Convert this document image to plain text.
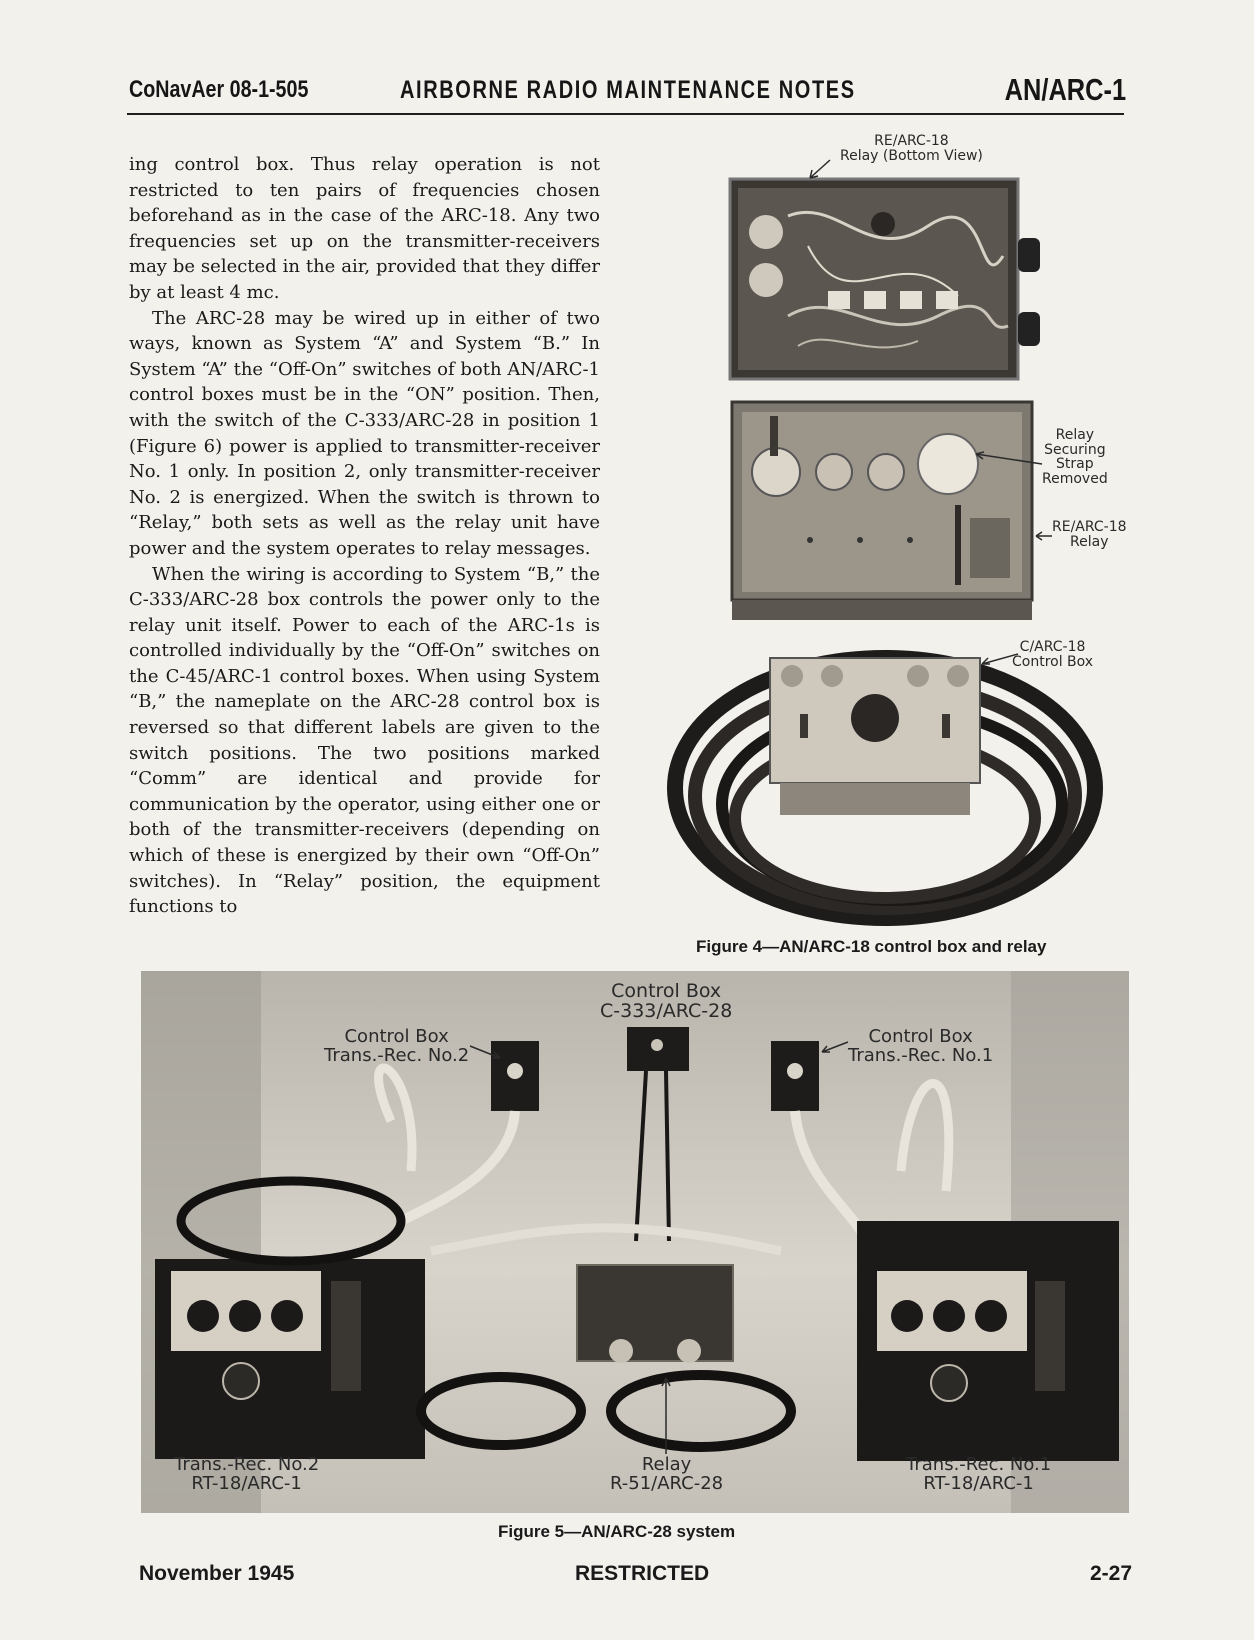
CoNavAer 08-1-505	AIRBORNE RADIO MAINTENANCE NOTES	AN/ARC-1

ing control box. Thus relay operation is not restricted to ten pairs of frequencies chosen beforehand as in the case of the ARC-18. Any two frequencies set up on the transmitter-receivers may be selected in the air, provided that they differ by at least 4 mc.

The ARC-28 may be wired up in either of two ways, known as System “A” and System “B.” In System “A” the “Off-On” switches of both AN/ARC-1 control boxes must be in the “ON” position. Then, with the switch of the C-333/ARC-28 in position 1 (Figure 6) power is applied to transmitter-receiver No. 1 only. In position 2, only transmitter-receiver No. 2 is energized. When the switch is thrown to “Relay,” both sets as well as the relay unit have power and the system operates to relay messages.

When the wiring is according to System “B,” the C-333/ARC-28 box controls the power only to the relay unit itself. Power to each of the ARC-1s is controlled individually by the “Off-On” switches on the C-45/ARC-1 control boxes. When using System “B,” the nameplate on the ARC-28 control box is reversed so that different labels are given to the switch positions. The two positions marked “Comm” are identical and provide for communication by the operator, using either one or both of the transmitter-receivers (depending on which of these is energized by their own “Off-On” switches). In “Relay” position, the equipment functions to

RE/ARC-18
Relay (Bottom View)
Relay
Securing
Strap
Removed
RE/ARC-18
Relay
C/ARC-18
Control Box
Figure 4—AN/ARC-18 control box and relay
Control Box
C-333/ARC-28
Control Box
Trans.-Rec. No.2
Control Box
Trans.-Rec. No.1
Trans.-Rec. No.2
RT-18/ARC-1
Relay
R-51/ARC-28
Trans.-Rec. No.1
RT-18/ARC-1
Figure 5—AN/ARC-28 system
November 1945	RESTRICTED	2-27
